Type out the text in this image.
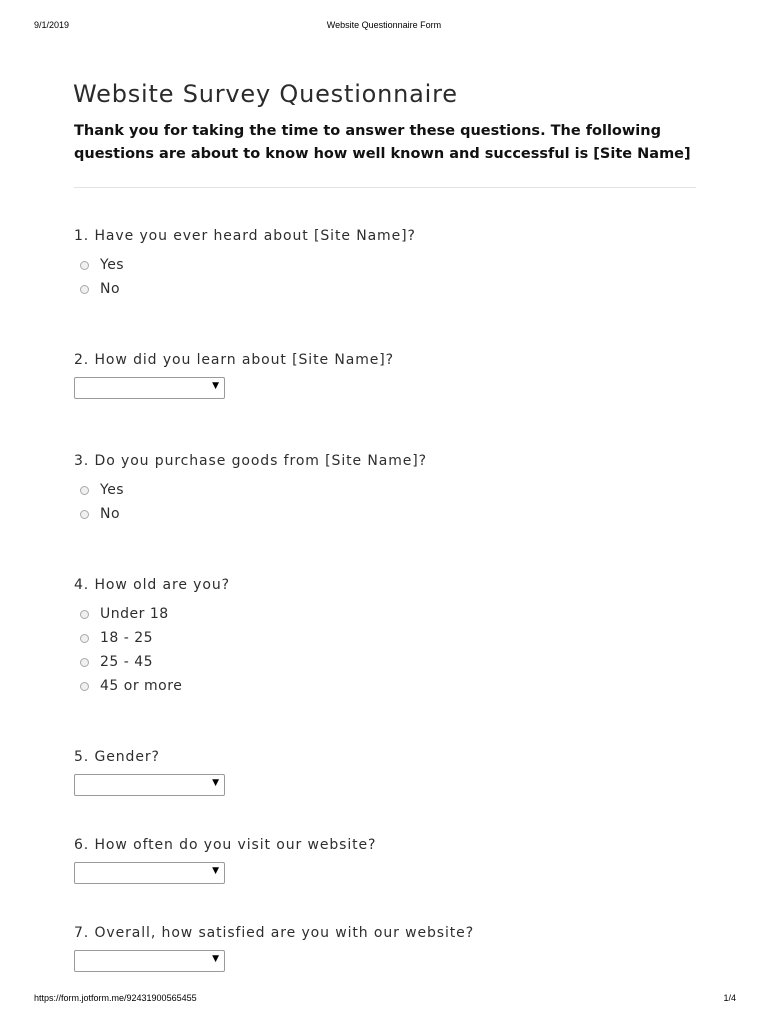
9/1/2019	Website Questionnaire Form
Website Survey Questionnaire

Thank you for taking the time to answer these questions. The following questions are about to know how well known and successful is [Site Name]

1. Have you ever heard about [Site Name]?
Yes
No
2. How did you learn about [Site Name]?
▼
3. Do you purchase goods from [Site Name]?
Yes
No
4. How old are you?
Under 18
18 - 25
25 - 45
45 or more
5. Gender?
▼
6. How often do you visit our website?
▼
7. Overall, how satisfied are you with our website?
▼
https://form.jotform.me/92431900565455	1/4
